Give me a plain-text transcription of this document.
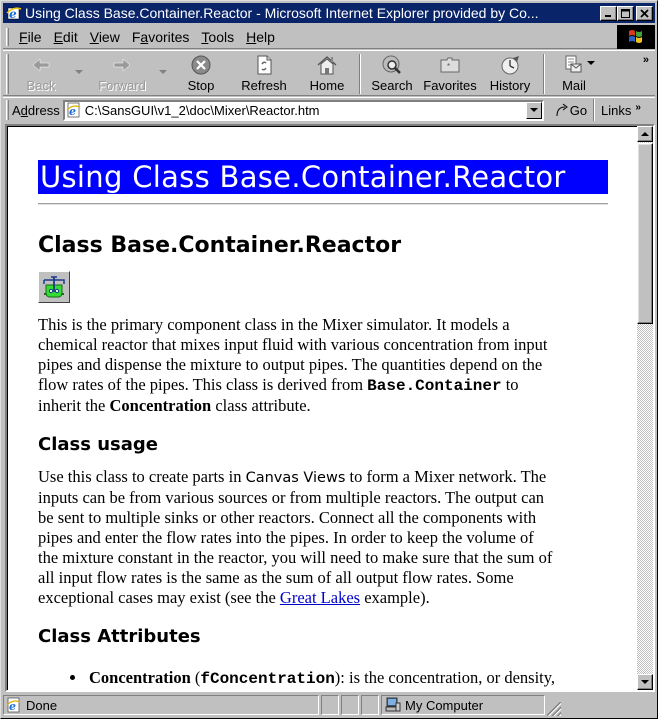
e Using Class Base.Container.Reactor - Microsoft Internet Explorer provided by Co...
File Edit View Favorites Tools Help
Back	Forward	Stop Refresh Home Search
*
Favorites History Mail
»
Address e
C:\SansGUI\v1_2\doc\Mixer\Reactor.htm	Go Links »
Using Class Base.Container.Reactor
Class Base.Container.Reactor
This is the primary component class in the Mixer simulator. It models a
chemical reactor that mixes input fluid with various concentration from input
pipes and dispense the mixture to output pipes. The quantities depend on the
flow rates of the pipes. This class is derived from Base.Container to
inherit the Concentration class attribute.
Class usage
Use this class to create parts in Canvas Views to form a Mixer network. The
inputs can be from various sources or from multiple reactors. The output can
be sent to multiple sinks or other reactors. Connect all the components with
pipes and enter the flow rates into the pipes. In order to keep the volume of
the mixture constant in the reactor, you will need to make sure that the sum of
all input flow rates is the same as the sum of all output flow rates. Some
exceptional cases may exist (see the Great Lakes example).
Class Attributes
Concentration (fConcentration): is the concentration, or density,
e Done	My Computer
